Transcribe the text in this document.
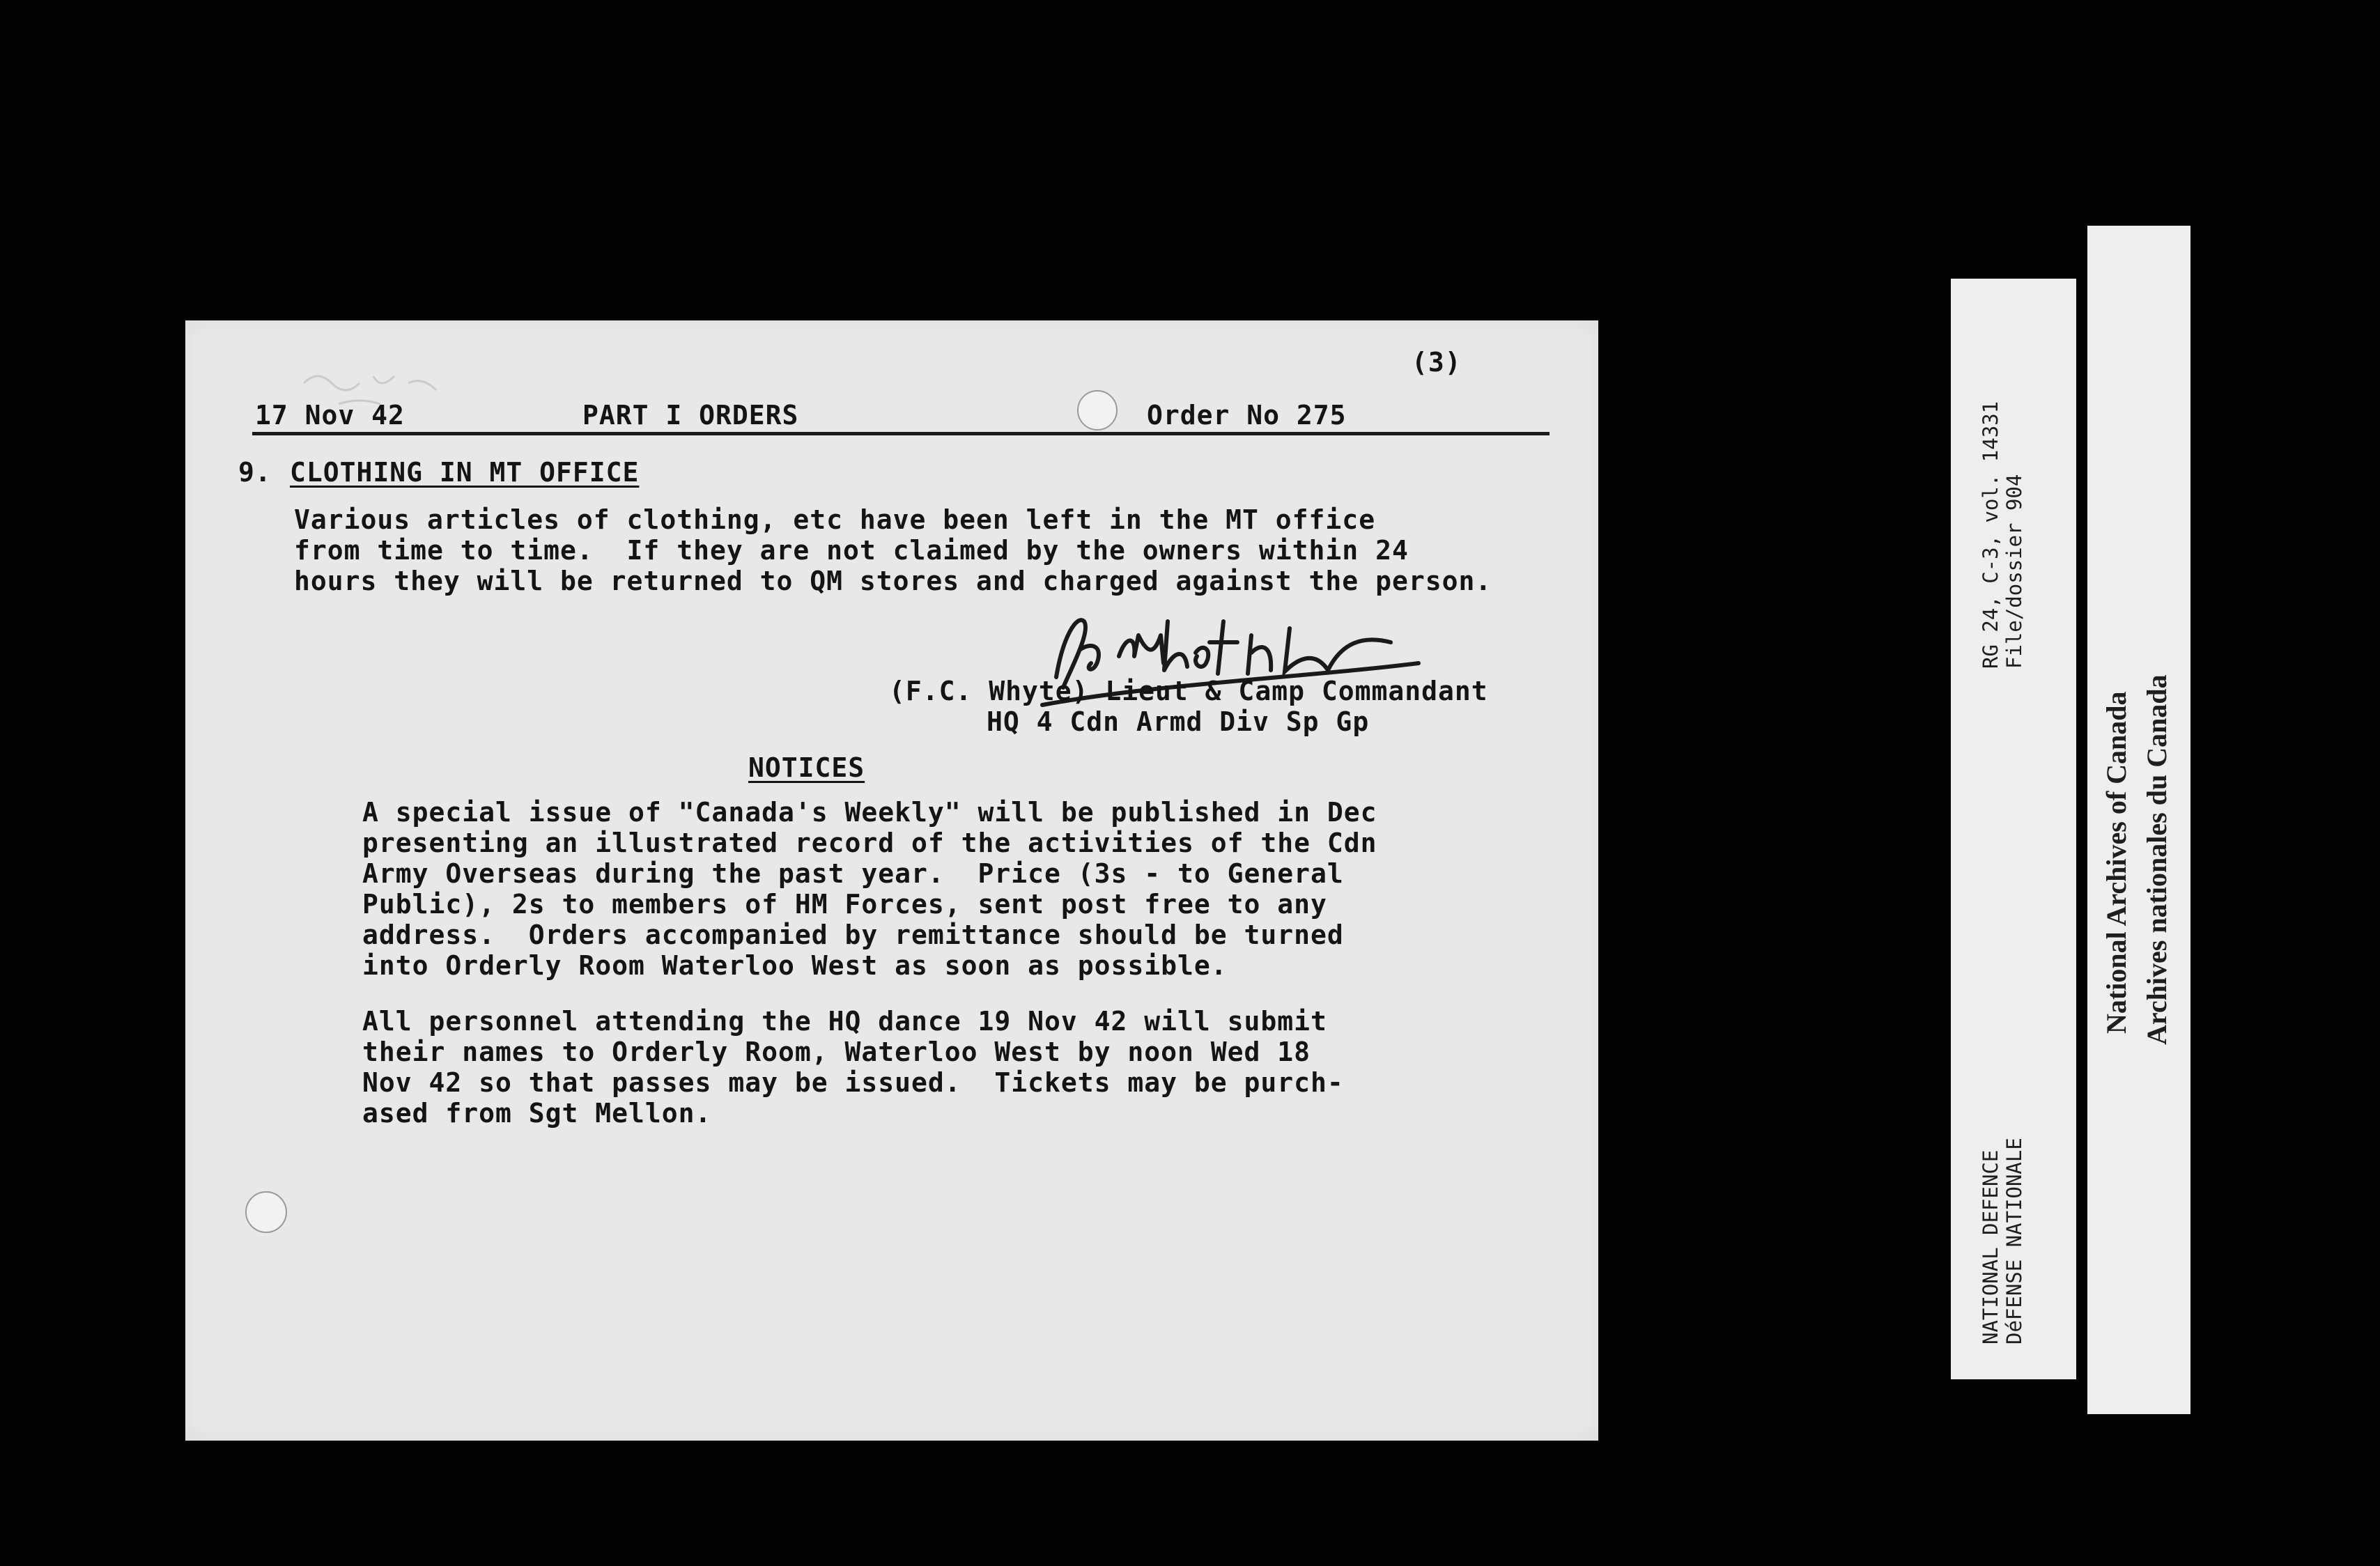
(3)
17 Nov 42	PART I ORDERS	Order No 275
9. CLOTHING IN MT OFFICE
Various articles of clothing, etc have been left in the MT office
from time to time.  If they are not claimed by the owners within 24
hours they will be returned to QM stores and charged against the person.
(F.C. Whyte) Lieut & Camp Commandant
HQ 4 Cdn Armd Div Sp Gp
NOTICES
A special issue of "Canada's Weekly" will be published in Dec
presenting an illustrated record of the activities of the Cdn
Army Overseas during the past year.  Price (3s - to General
Public), 2s to members of HM Forces, sent post free to any
address.  Orders accompanied by remittance should be turned
into Orderly Room Waterloo West as soon as possible.
All personnel attending the HQ dance 19 Nov 42 will submit
their names to Orderly Room, Waterloo West by noon Wed 18
Nov 42 so that passes may be issued.  Tickets may be purch-
ased from Sgt Mellon.
RG 24, C-3, vol. 14331 File/dossier 904
NATIONAL DEFENCE DéFENSE NATIONALE
National Archives of Canada Archives nationales du Canada
